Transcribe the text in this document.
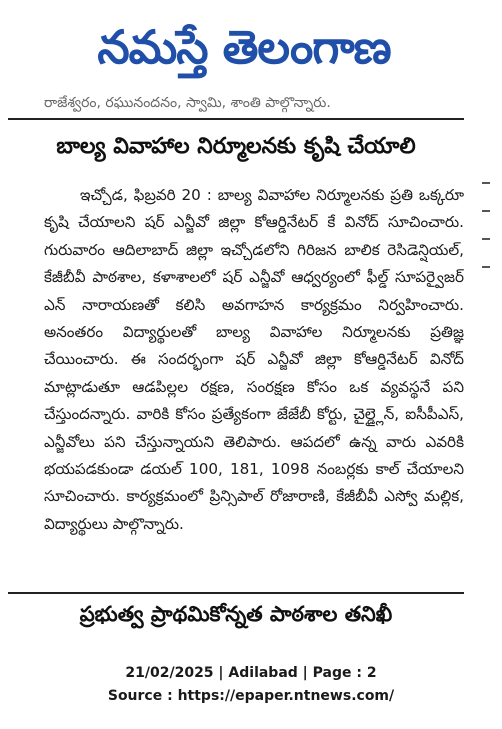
నమస్తే తెలంగాణ
రాజేశ్వరం, రఘునందనం, స్వామి, శాంతి పాల్గొన్నారు.
బాల్య వివాహాల నిర్మూలనకు కృషి చేయాలి
ఇచ్చోడ, ఫిబ్రవరి 20 : బాల్య వివాహాల నిర్మూలనకు ప్రతి ఒక్కరూ కృషి చేయాలని షర్ ఎన్జీవో జిల్లా కోఆర్డినేటర్ కే వినోద్ సూచించారు. గురువారం ఆదిలాబాద్ జిల్లా ఇచ్చోడలోని గిరిజన బాలిక రెసిడెన్షియల్, కేజీబీవీ పాఠశాల, కళాశాలలో షర్ ఎన్జీవో ఆధ్వర్యంలో ఫీల్డ్ సూపర్వైజర్ ఎన్ నారాయణతో కలిసి అవగాహన కార్యక్రమం నిర్వహించారు. అనంతరం విద్యార్థులతో బాల్య వివాహాల నిర్మూలనకు ప్రతిజ్ఞ చేయించారు. ఈ సందర్భంగా షర్ ఎన్జీవో జిల్లా కోఆర్డినేటర్ వినోద్ మాట్లాడుతూ ఆడపిల్లల రక్షణ, సంరక్షణ కోసం ఒక వ్యవస్థనే పని చేస్తుందన్నారు. వారికి కోసం ప్రత్యేకంగా జేజేబీ కోర్టు, చైల్డ్లైన్, ఐసీపీఎస్, ఎన్జీవోలు పని చేస్తున్నాయని తెలిపారు. ఆపదలో ఉన్న వారు ఎవరికి భయపడకుండా డయల్ 100, 181, 1098 నంబర్లకు కాల్ చేయాలని సూచించారు. కార్యక్రమంలో ప్రిన్సిపాల్ రోజారాణి, కేజీబీవీ ఎస్వో మల్లిక, విద్యార్థులు పాల్గొన్నారు.
ప్రభుత్వ ప్రాథమికోన్నత పాఠశాల తనిఖీ
21/02/2025 | Adilabad | Page : 2
Source : https://epaper.ntnews.com/
